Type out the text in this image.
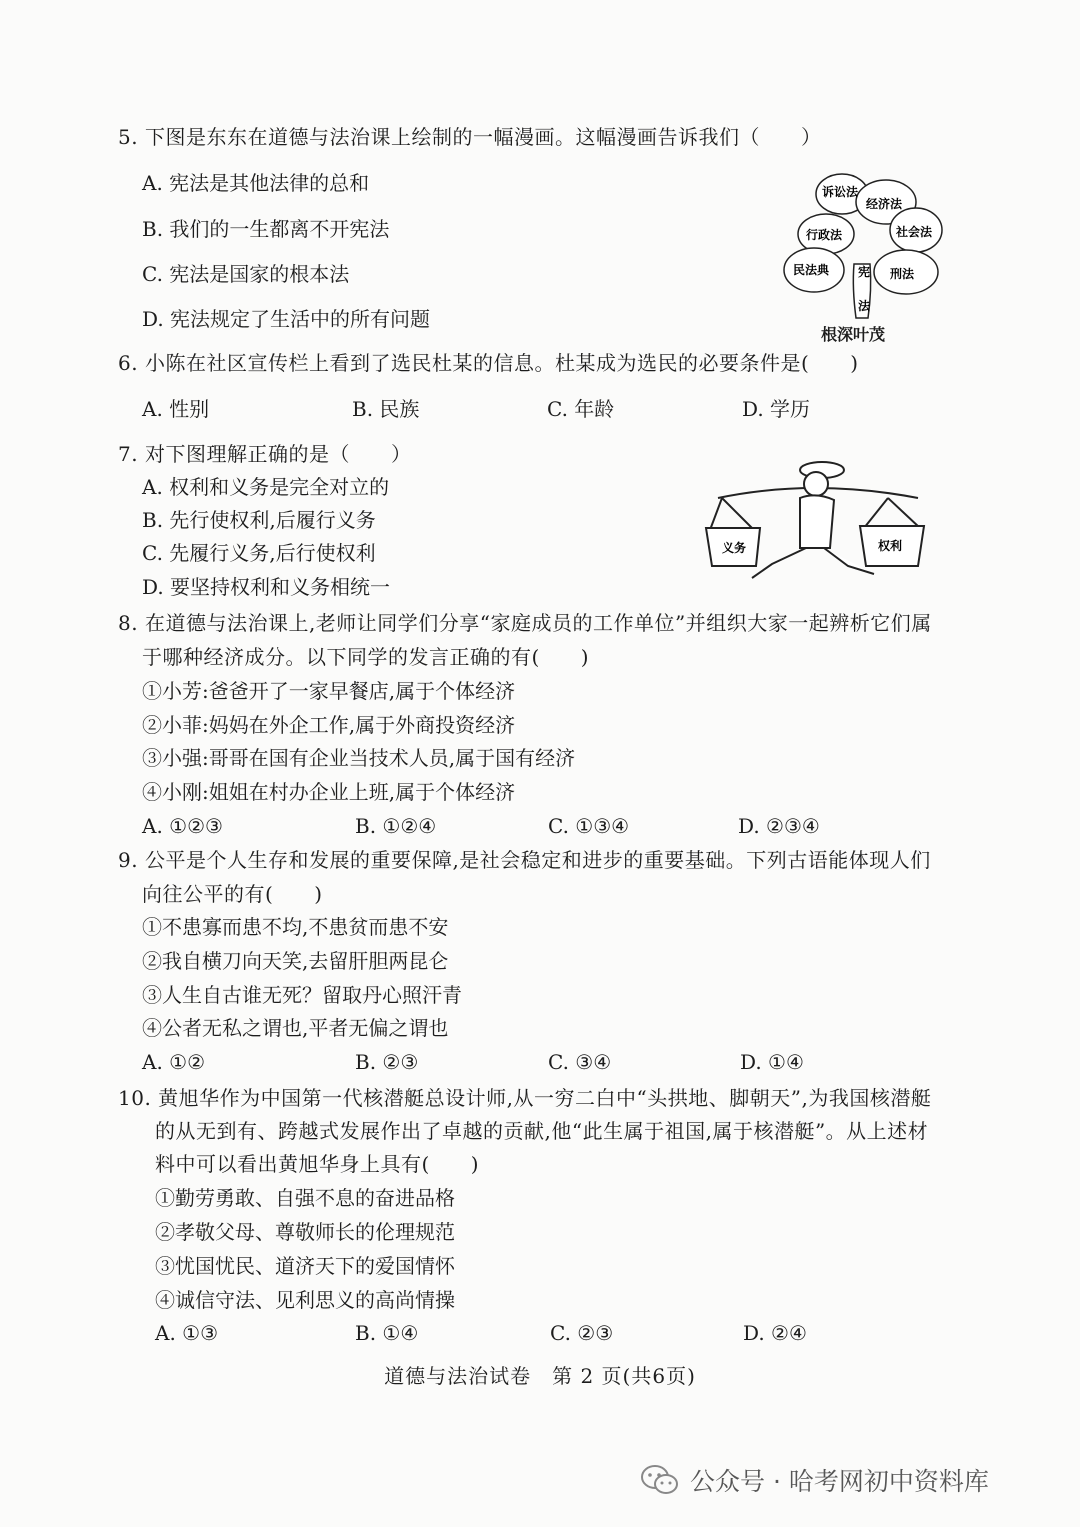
5. 下图是东东在道德与法治课上绘制的一幅漫画。这幅漫画告诉我们（　　）
A. 宪法是其他法律的总和
B. 我们的一生都离不开宪法
C. 宪法是国家的根本法
D. 宪法规定了生活中的所有问题
诉讼法
经济法
行政法	社会法
民法典	刑法
宪
法
根深叶茂
6. 小陈在社区宣传栏上看到了选民杜某的信息。杜某成为选民的必要条件是(　　)
A. 性别	B. 民族	C. 年龄	D. 学历
7. 对下图理解正确的是（　　）
A. 权利和义务是完全对立的
B. 先行使权利,后履行义务
C. 先履行义务,后行使权利
D. 要坚持权利和义务相统一
义务	权利
8. 在道德与法治课上,老师让同学们分享“家庭成员的工作单位”并组织大家一起辨析它们属
于哪种经济成分。以下同学的发言正确的有(　　)
①小芳:爸爸开了一家早餐店,属于个体经济
②小菲:妈妈在外企工作,属于外商投资经济
③小强:哥哥在国有企业当技术人员,属于国有经济
④小刚:姐姐在村办企业上班,属于个体经济
A. ①②③	B. ①②④	C. ①③④	D. ②③④
9. 公平是个人生存和发展的重要保障,是社会稳定和进步的重要基础。下列古语能体现人们
向往公平的有(　　)
①不患寡而患不均,不患贫而患不安
②我自横刀向天笑,去留肝胆两昆仑
③人生自古谁无死？留取丹心照汗青
④公者无私之谓也,平者无偏之谓也
A. ①②	B. ②③	C. ③④	D. ①④
10. 黄旭华作为中国第一代核潜艇总设计师,从一穷二白中“头拱地、脚朝天”,为我国核潜艇
的从无到有、跨越式发展作出了卓越的贡献,他“此生属于祖国,属于核潜艇”。从上述材
料中可以看出黄旭华身上具有(　　)
①勤劳勇敢、自强不息的奋进品格
②孝敬父母、尊敬师长的伦理规范
③忧国忧民、道济天下的爱国情怀
④诚信守法、见利思义的高尚情操
A. ①③	B. ①④	C. ②③	D. ②④
道德与法治试卷　第 2 页(共6页)
公众号 · 哈考网初中资料库
